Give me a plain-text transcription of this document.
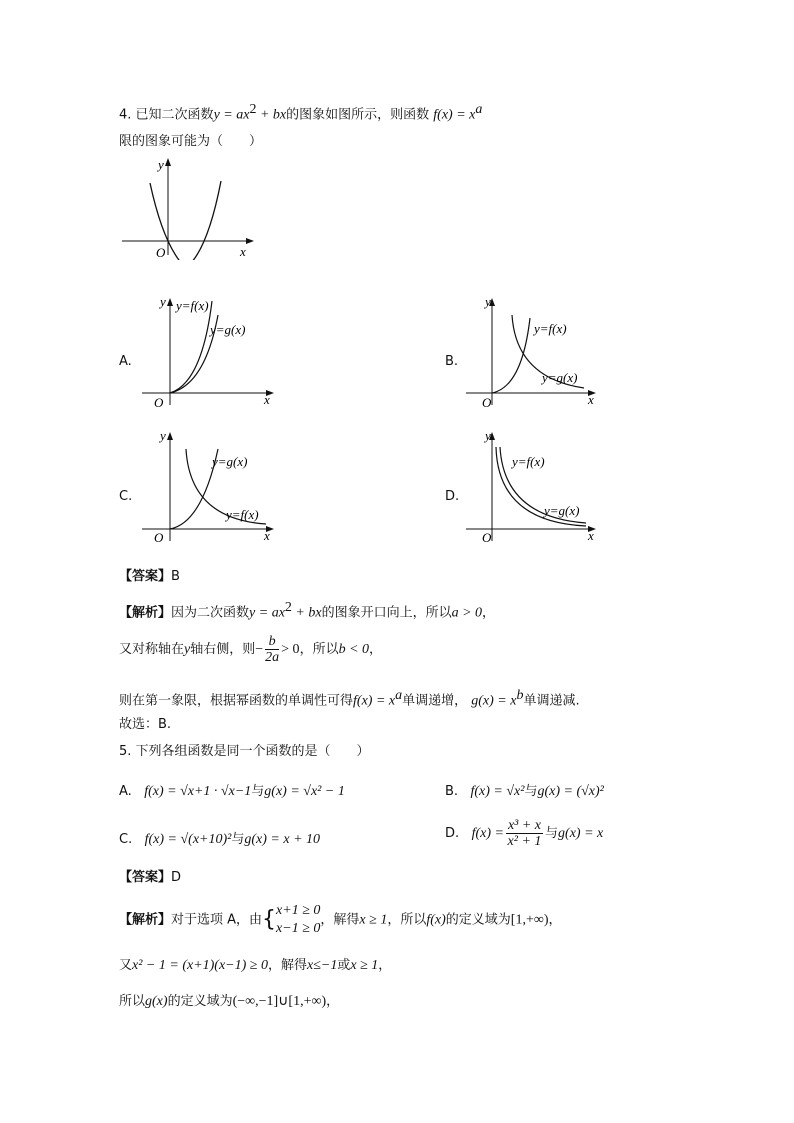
4. 已知二次函数$y = ax^2$ + bx的图象如图所示，则函数 $f(x) = x^a$
限的图象可能为（　　）
O	x
y
A.
O	x
y y=f(x)
y=g(x)
B.
O	x
y
y=f(x)
y=g(x)
C.
O	x
y
y=g(x)
y=f(x)
D.
O	x
y
y=f(x)
y=g(x)
【答案】B
【解析】因为二次函数$y = ax^2$ + bx的图象开口向上，所以a > 0，
又对称轴在y轴右侧，则− $\frac{b}{2a} > 0$，所以b < 0，
则在第一象限，根据幂函数的单调性可得$f(x) = x^a$单调递增， $g(x) = x^b$单调递减.
故选：B.
5. 下列各组函数是同一个函数的是（　　）
A. f(x) = √x+1 · √x−1与g(x) = √x² − 1	B. f(x) = √x²与g(x) = (√x)²
C. f(x) = √(x+10)²与g(x) = x + 10	D. $f(x) = \frac{\text{x³ + x}}{\text{x² + 1}}$ 与g(x) = x
【答案】D
【解析】对于选项 A，由{ x+1 ≥ 0
x−1 ≥ 0
，解得x ≥ 1，所以f(x)的定义域为[1,+∞)，
又x² − 1 = (x+1)(x−1) ≥ 0，解得x≤−1或x ≥ 1，
所以g(x)的定义域为(−∞,−1]∪[1,+∞)，
